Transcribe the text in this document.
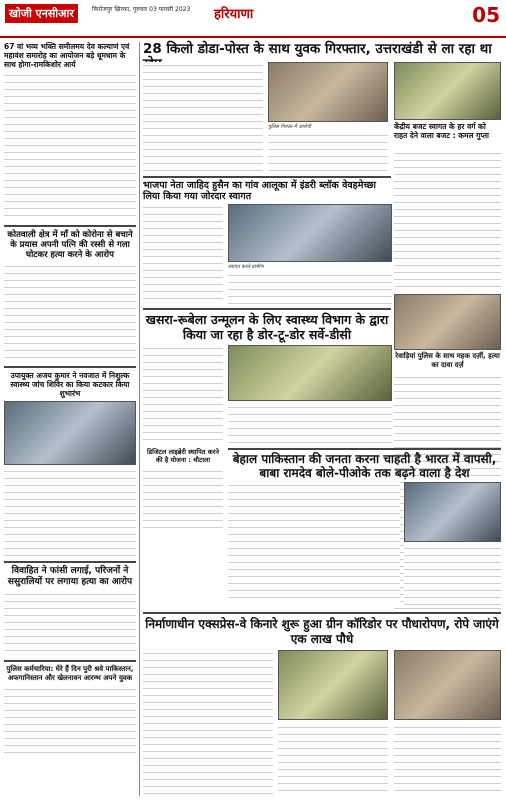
खोजी एनसीआर	फिरोजपुर झिरका, गुरुवार 03 फरवरी 2023 हरियाणा	05
67 वां भव्य भक्ति समीलमय देव कल्याणं एवं महावंश समारोह का आयोजन बड़े धूमधाम के साथ होगा-रामकिशोर आर्य
कोतवाली क्षेत्र में माँ को कोरोना से बचाने के प्रयास अपनी पत्नि की रस्सी से गला घोटकर हत्या करने के आरोप
उपायुक्त अजय कुमार ने नवजात में निशुल्क स्वास्थ्य जांच शिविर का किया कटकार किया शुभारंभ
विवाहित ने फांसी लगाई, परिजनों ने ससुरालियों पर लगाया हत्या का आरोप
पुलिस कर्मचारिया: घेरे हैं दिन पुरी श्रवे पाकिस्तान, अफगानिस्तान और खेलनावन आरम्भ अपने युवक
28 किलो डोडा-पोस्त के साथ युवक गिरफ्तार, उत्तराखंडी से ला रहा था
पुलिस गिरफ्त में आरोपी	केंद्रीय बजट स्वागत के हर वर्ग को राहत देने वाला बजट : कमल गुप्ता
भाजपा नेता जाहिद हुसैन का गांव आलूका में इंडरी ब्लॉक वेवहमेच्छा लिया किया गया जोरदार स्वागत
स्वागत करते ग्रामीण
रेवाड़ियां पुलिस के साथ महक दर्ज़ी, हत्या का दावा दर्ज़
खसरा-रूबेला उन्मूलन के लिए स्वास्थ्य विभाग के द्वारा किया जा रहा है डोर-टू-डोर सर्वे-डीसी
डिजिटल लाइब्रेरी स्थापित करने की है योजना : चौटाला	बेहाल पाकिस्तान की जनता करना चाहती है भारत में वापसी, बाबा रामदेव बोले-पीओके तक बढ़ने वाला है देश
निर्माणाधीन एक्सप्रेस-वे किनारे शुरू हुआ ग्रीन कॉरिडोर पर पौधारोपण, रोपे जाएंगे एक लाख पौधे
